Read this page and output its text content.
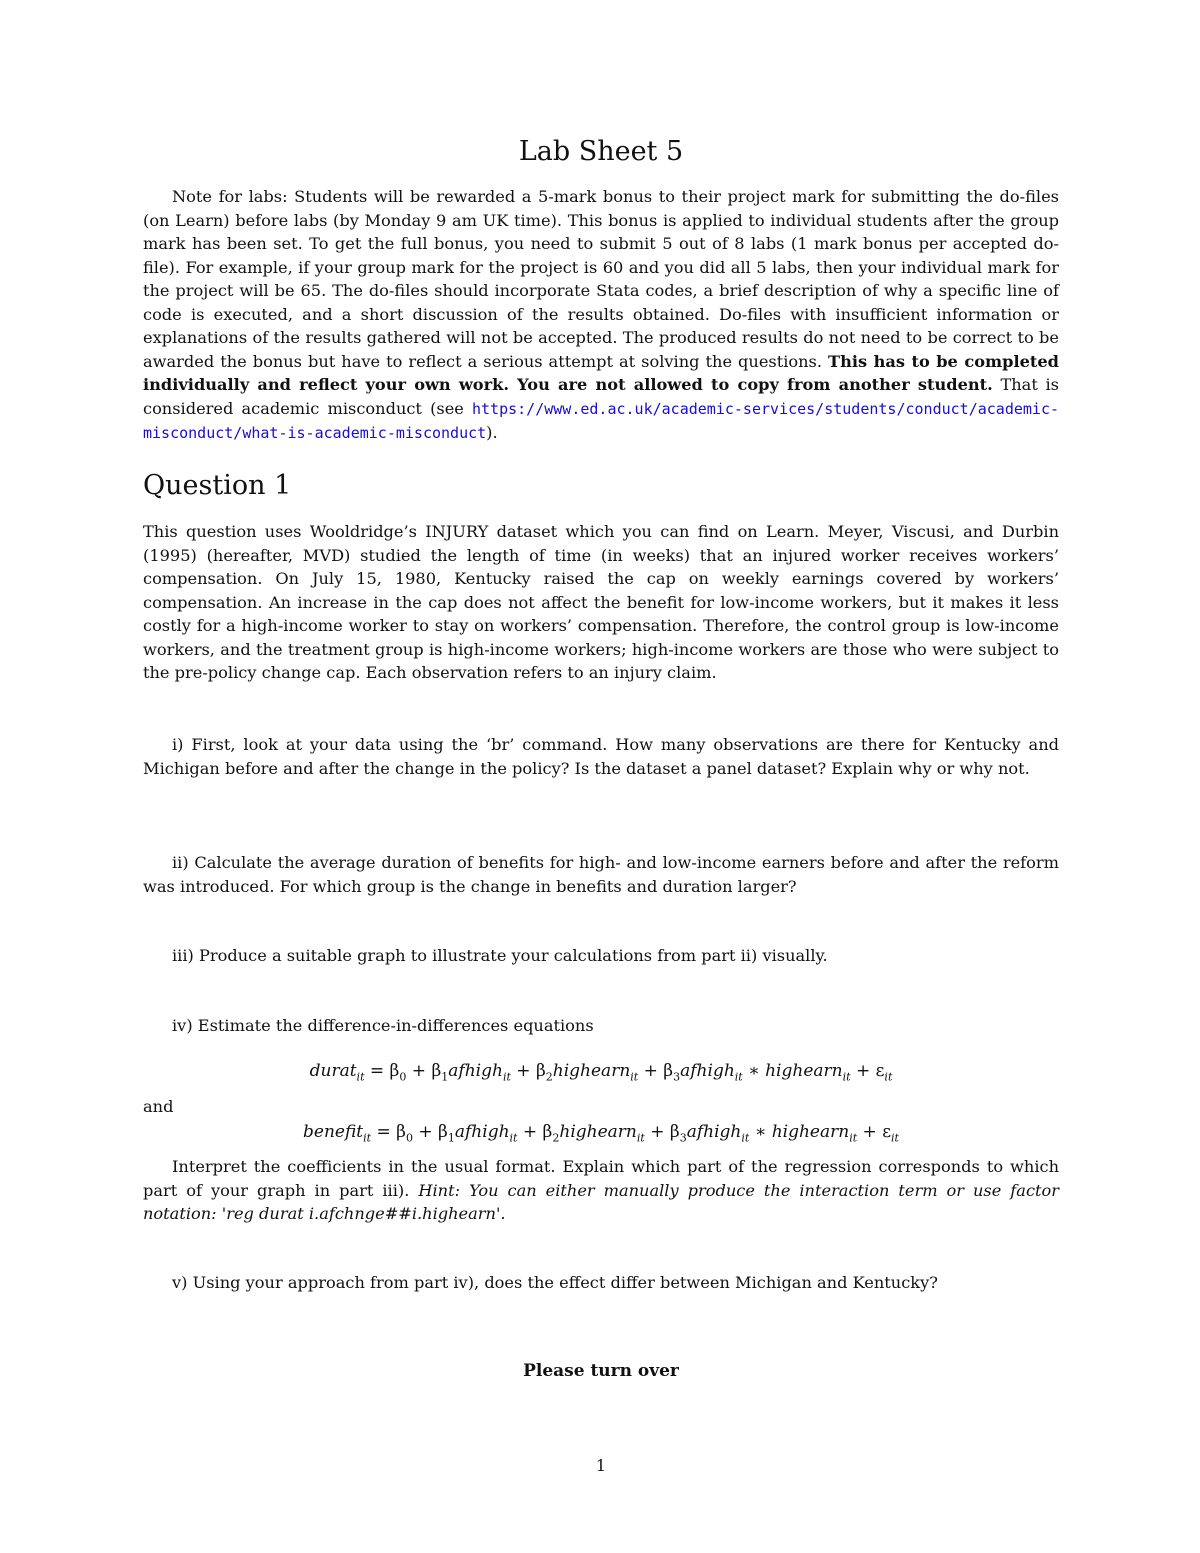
Lab Sheet 5

Note for labs: Students will be rewarded a 5-mark bonus to their project mark for submitting the do-files (on Learn) before labs (by Monday 9 am UK time). This bonus is applied to individual students after the group mark has been set. To get the full bonus, you need to submit 5 out of 8 labs (1 mark bonus per accepted do-file). For example, if your group mark for the project is 60 and you did all 5 labs, then your individual mark for the project will be 65. The do-files should incorporate Stata codes, a brief description of why a specific line of code is executed, and a short discussion of the results obtained. Do-files with insufficient information or explanations of the results gathered will not be accepted. The produced results do not need to be correct to be awarded the bonus but have to reflect a serious attempt at solving the questions. This has to be completed individually and reflect your own work. You are not allowed to copy from another student. That is considered academic misconduct (see https://www.ed.ac.uk/academic-services/students/conduct/academic-misconduct/what-is-academic-misconduct).

Question 1

This question uses Wooldridge’s INJURY dataset which you can find on Learn. Meyer, Viscusi, and Durbin (1995) (hereafter, MVD) studied the length of time (in weeks) that an injured worker receives workers’ compensation. On July 15, 1980, Kentucky raised the cap on weekly earnings covered by workers’ compensation. An increase in the cap does not affect the benefit for low-income workers, but it makes it less costly for a high-income worker to stay on workers’ compensation. Therefore, the control group is low-income workers, and the treatment group is high-income workers; high-income workers are those who were subject to the pre-policy change cap. Each observation refers to an injury claim.

i) First, look at your data using the ‘br’ command. How many observations are there for Kentucky and Michigan before and after the change in the policy? Is the dataset a panel dataset? Explain why or why not.

ii) Calculate the average duration of benefits for high- and low-income earners before and after the reform was introduced. For which group is the change in benefits and duration larger?

iii) Produce a suitable graph to illustrate your calculations from part ii) visually.

iv) Estimate the difference-in-differences equations

durat$_{it}$ = $\beta_0$ + $\beta_1afhigh_{it}$ + $\beta_2highearn_{it}$ + $\beta_3afhigh_{it}$ ∗ highearn$_{it}$ + $\varepsilon_{it}$

and

benefit$_{it}$ = $\beta_0$ + $\beta_1afhigh_{it}$ + $\beta_2highearn_{it}$ + $\beta_3afhigh_{it}$ ∗ highearn$_{it}$ + $\varepsilon_{it}$

Interpret the coefficients in the usual format. Explain which part of the regression corresponds to which part of your graph in part iii). Hint: You can either manually produce the interaction term or use factor notation: 'reg durat i.afchnge##i.highearn'.

v) Using your approach from part iv), does the effect differ between Michigan and Kentucky?

Please turn over

1
